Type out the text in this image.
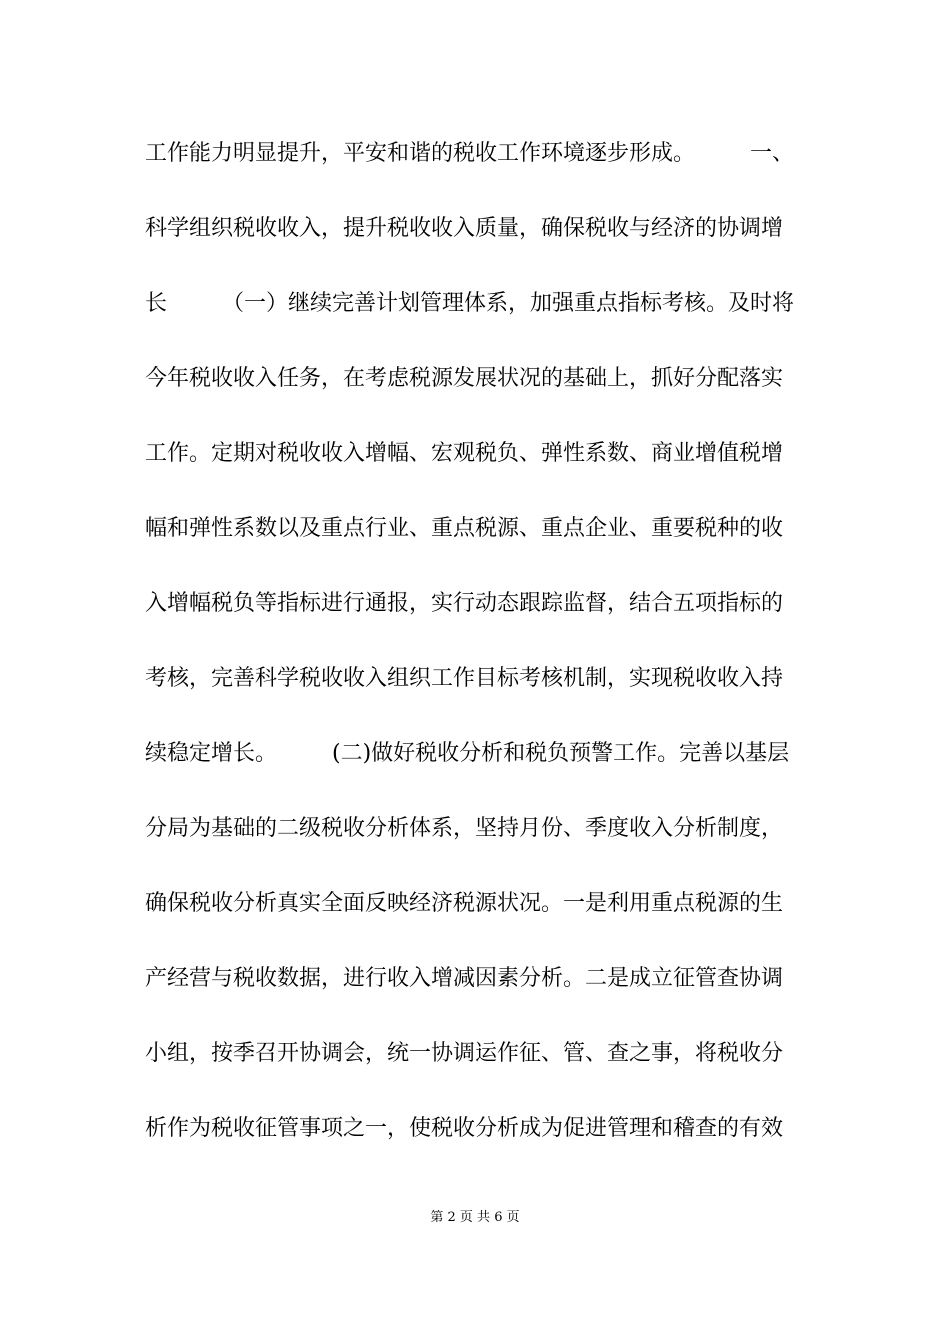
工作能力明显提升，平安和谐的税收工作环境逐步形成。　　　一、
科学组织税收收入，提升税收收入质量，确保税收与经济的协调增
长　　　（一）继续完善计划管理体系，加强重点指标考核。及时将
今年税收收入任务，在考虑税源发展状况的基础上，抓好分配落实
工作。定期对税收收入增幅、宏观税负、弹性系数、商业增值税增
幅和弹性系数以及重点行业、重点税源、重点企业、重要税种的收
入增幅税负等指标进行通报，实行动态跟踪监督，结合五项指标的
考核，完善科学税收收入组织工作目标考核机制，实现税收收入持
续稳定增长。　　　(二)做好税收分析和税负预警工作。完善以基层
分局为基础的二级税收分析体系，坚持月份、季度收入分析制度，
确保税收分析真实全面反映经济税源状况。一是利用重点税源的生
产经营与税收数据，进行收入增减因素分析。二是成立征管查协调
小组，按季召开协调会，统一协调运作征、管、查之事，将税收分
析作为税收征管事项之一，使税收分析成为促进管理和稽查的有效
第 2 页 共 6 页
